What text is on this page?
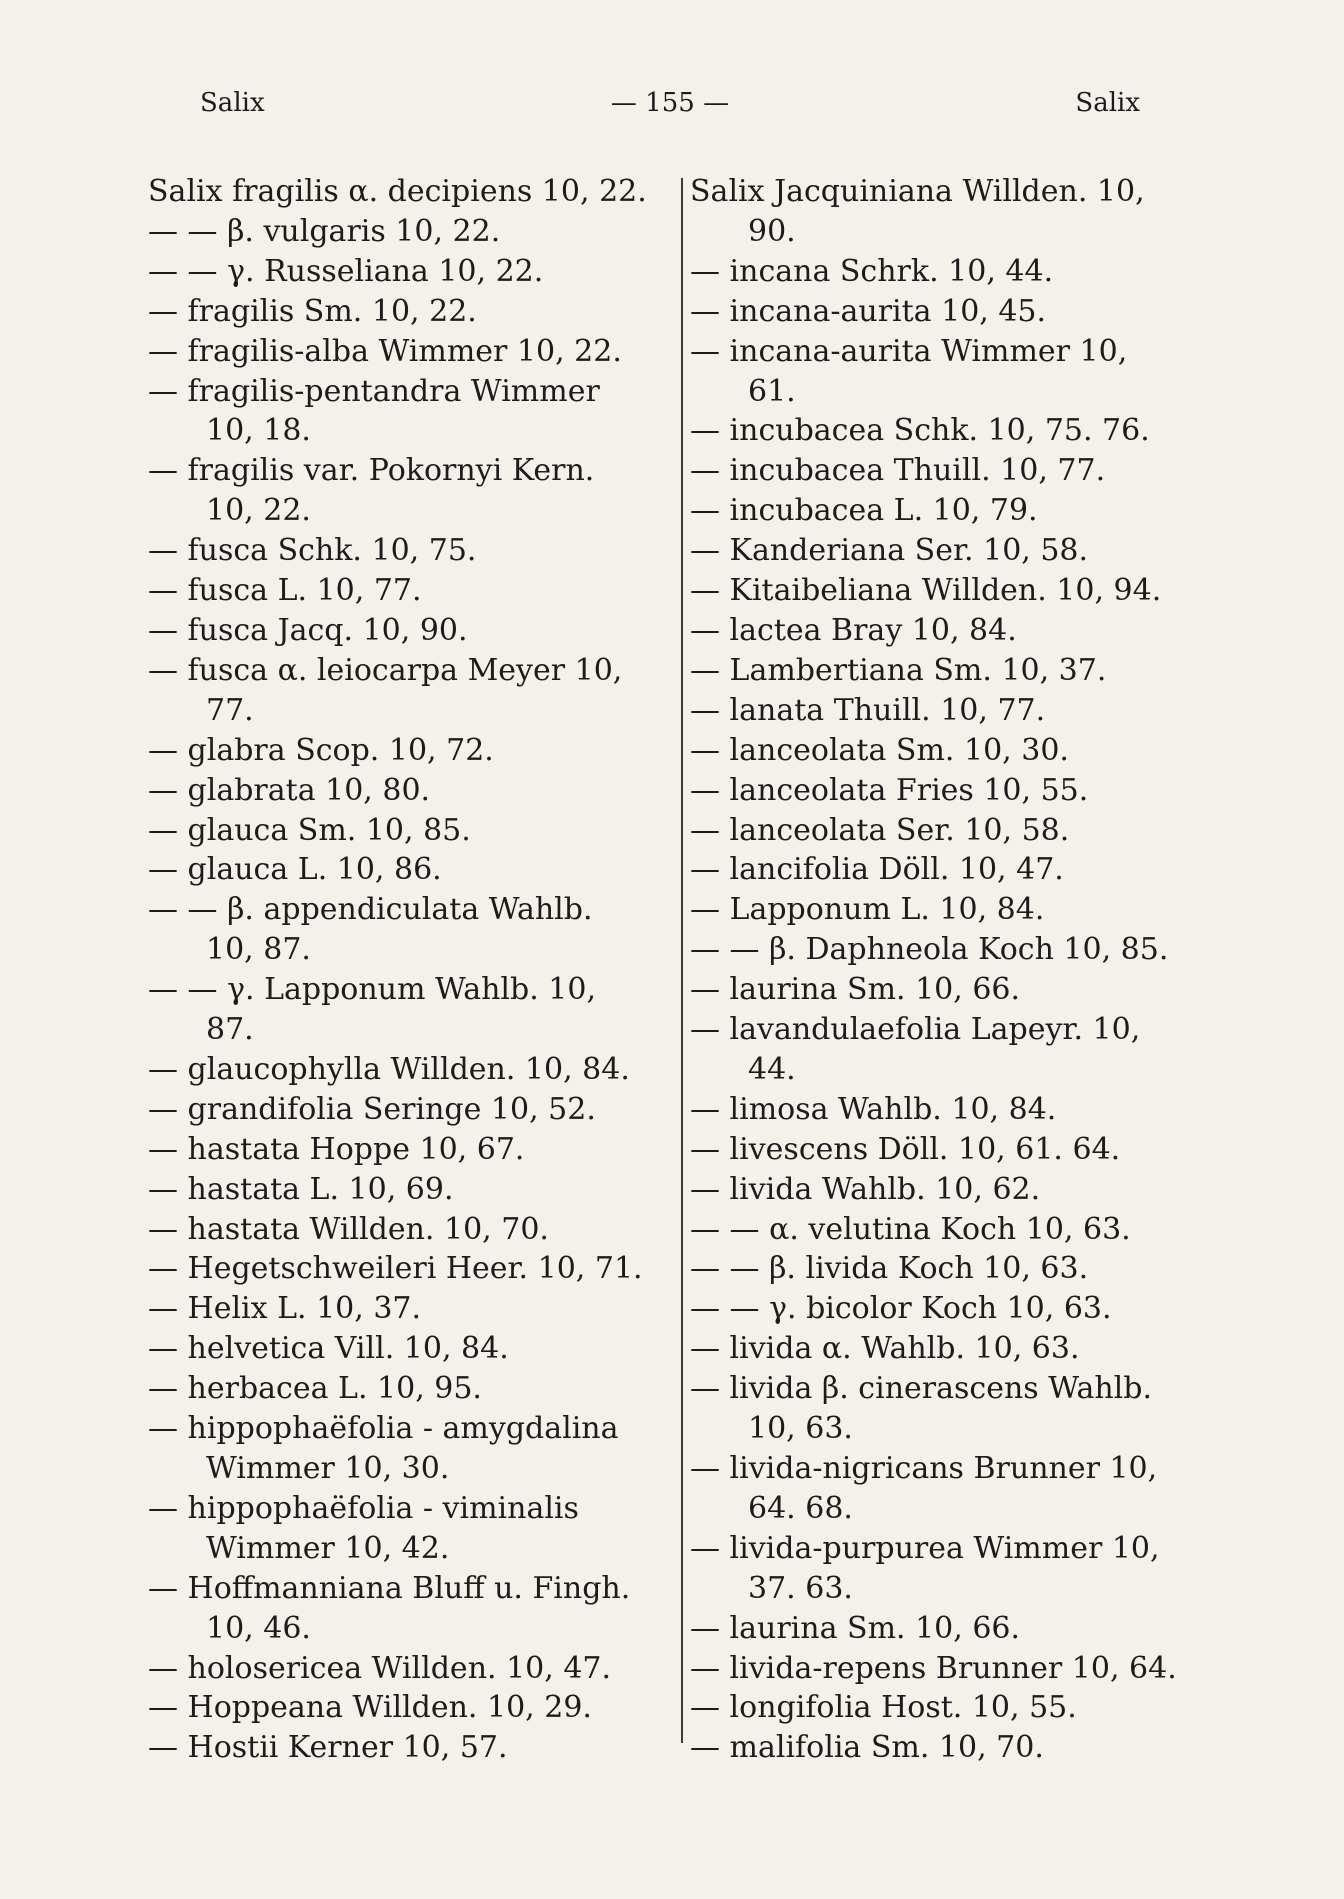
Salix	— 155 —	Salix
Salix fragilis α. decipiens 10, 22.
— — β. vulgaris 10, 22.
— — γ. Russeliana 10, 22.
— fragilis Sm. 10, 22.
— fragilis-alba Wimmer 10, 22.
— fragilis-pentandra Wimmer
10, 18.
— fragilis var. Pokornyi Kern.
10, 22.
— fusca Schk. 10, 75.
— fusca L. 10, 77.
— fusca Jacq. 10, 90.
— fusca α. leiocarpa Meyer 10,
77.
— glabra Scop. 10, 72.
— glabrata 10, 80.
— glauca Sm. 10, 85.
— glauca L. 10, 86.
— — β. appendiculata Wahlb.
10, 87.
— — γ. Lapponum Wahlb. 10,
87.
— glaucophylla Willden. 10, 84.
— grandifolia Seringe 10, 52.
— hastata Hoppe 10, 67.
— hastata L. 10, 69.
— hastata Willden. 10, 70.
— Hegetschweileri Heer. 10, 71.
— Helix L. 10, 37.
— helvetica Vill. 10, 84.
— herbacea L. 10, 95.
— hippophaëfolia - amygdalina
Wimmer 10, 30.
— hippophaëfolia - viminalis
Wimmer 10, 42.
— Hoffmanniana Bluff u. Fingh.
10, 46.
— holosericea Willden. 10, 47.
— Hoppeana Willden. 10, 29.
— Hostii Kerner 10, 57.
Salix Jacquiniana Willden. 10,
90.
— incana Schrk. 10, 44.
— incana-aurita 10, 45.
— incana-aurita Wimmer 10,
61.
— incubacea Schk. 10, 75. 76.
— incubacea Thuill. 10, 77.
— incubacea L. 10, 79.
— Kanderiana Ser. 10, 58.
— Kitaibeliana Willden. 10, 94.
— lactea Bray 10, 84.
— Lambertiana Sm. 10, 37.
— lanata Thuill. 10, 77.
— lanceolata Sm. 10, 30.
— lanceolata Fries 10, 55.
— lanceolata Ser. 10, 58.
— lancifolia Döll. 10, 47.
— Lapponum L. 10, 84.
— — β. Daphneola Koch 10, 85.
— laurina Sm. 10, 66.
— lavandulaefolia Lapeyr. 10,
44.
— limosa Wahlb. 10, 84.
— livescens Döll. 10, 61. 64.
— livida Wahlb. 10, 62.
— — α. velutina Koch 10, 63.
— — β. livida Koch 10, 63.
— — γ. bicolor Koch 10, 63.
— livida α. Wahlb. 10, 63.
— livida β. cinerascens Wahlb.
10, 63.
— livida-nigricans Brunner 10,
64. 68.
— livida-purpurea Wimmer 10,
37. 63.
— laurina Sm. 10, 66.
— livida-repens Brunner 10, 64.
— longifolia Host. 10, 55.
— malifolia Sm. 10, 70.
